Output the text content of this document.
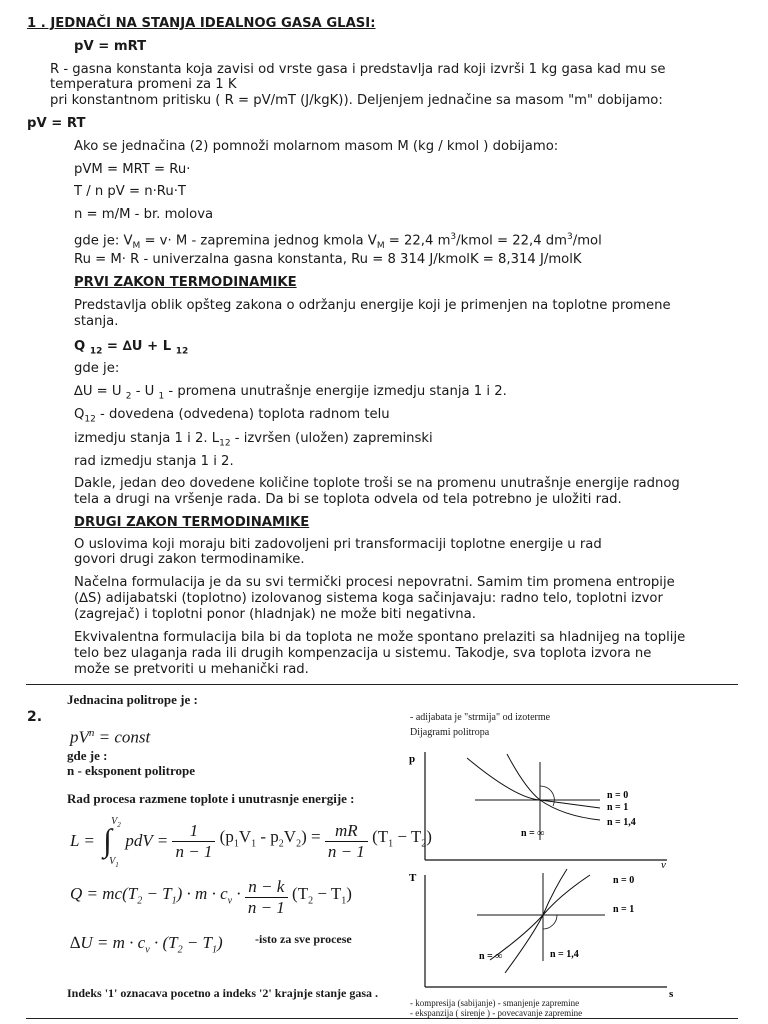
1 . JEDNAČI NA STANJA IDEALNOG GASA GLASI:
pV = mRT
R - gasna konstanta koja zavisi od vrste gasa i predstavlja rad koji izvrši 1 kg gasa kad mu se
temperatura promeni za 1 K
pri konstantnom pritisku ( R = pV/mT (J/kgK)). Deljenjem jednačine sa masom "m" dobijamo:
pV = RT
Ako se jednačina (2) pomnoži molarnom masom M (kg / kmol ) dobijamo:
pVM = MRT = Ru·
T / n pV = n·Ru·T
n = m/M - br. molova
gde je: $V_M = v\cdot M$ - zapremina jednog kmola $V_M = 22,4$ $m^3$/kmol = 22,4 $dm^3$/mol
Ru = M· R - univerzalna gasna konstanta, Ru = 8 314 J/kmolK = 8,314 J/molK
PRVI ZAKON TERMODINAMIKE
Predstavlja oblik opšteg zakona o održanju energije koji je primenjen na toplotne promene
stanja.
Q $_{12}$ = ∆U + L $_{12}$
gde je:
∆U = U $_2$ - U $_1$ - promena unutrašnje energije izmedju stanja 1 i 2.
$Q_{12}$ - dovedena (odvedena) toplota radnom telu
izmedju stanja 1 i 2. $L_{12}$ - izvršen (uložen) zapreminski
rad izmedju stanja 1 i 2.
Dakle, jedan deo dovedene količine toplote troši se na promenu unutrašnje energije radnog
tela a drugi na vršenje rada. Da bi se toplota odvela od tela potrebno je uložiti rad.
DRUGI ZAKON TERMODINAMIKE
O uslovima koji moraju biti zadovoljeni pri transformaciji toplotne energije u rad
govori drugi zakon termodinamike.
Načelna formulacija je da su svi termički procesi nepovratni. Samim tim promena entropije
(∆S) adijabatski (toplotno) izolovanog sistema koga sačinjavaju: radno telo, toplotni izvor
(zagrejač) i toplotni ponor (hladnjak) ne može biti negativna.
Ekvivalentna formulacija bila bi da toplota ne može spontano prelaziti sa hladnijeg na toplije
telo bez ulaganja rada ili drugih kompenzacija u sistemu. Takodje, sva toplota izvora ne
može se pretvoriti u mehanički rad.
2.
Jednacina politrope je :
$pV^n$ = const
gde je :
n - eksponent politrope
Rad procesa razmene toplote i unutrasnje energije :
L = ∫
$V_2$
$V_1$
pdV = $\frac{1}{n - 1} (p_1V_1 - p_2V_2) = \frac{mR}{n - 1} (T_1 - T_2)$
$Q = mc(T_2 - T_1) \cdot m \cdot c_v \cdot \frac{n - k}{n - 1} (T_2 - T_1)$
$\Delta U = m \cdot c_v \cdot (T_2 - T_1)$	-isto za sve procese
Indeks '1' oznacava pocetno a indeks '2' krajnje stanje gasa .
- adijabata je "strmija" od izoterme
Dijagrami politropa
p
v
n = 0
n = 1
n = 1,4
n = ∞
T
s
n = 0
n = 1
n = 1,4
n = ∞
- kompresija (sabijanje) - smanjenje zapremine
- ekspanzija ( sirenje ) - povecavanje zapremine
